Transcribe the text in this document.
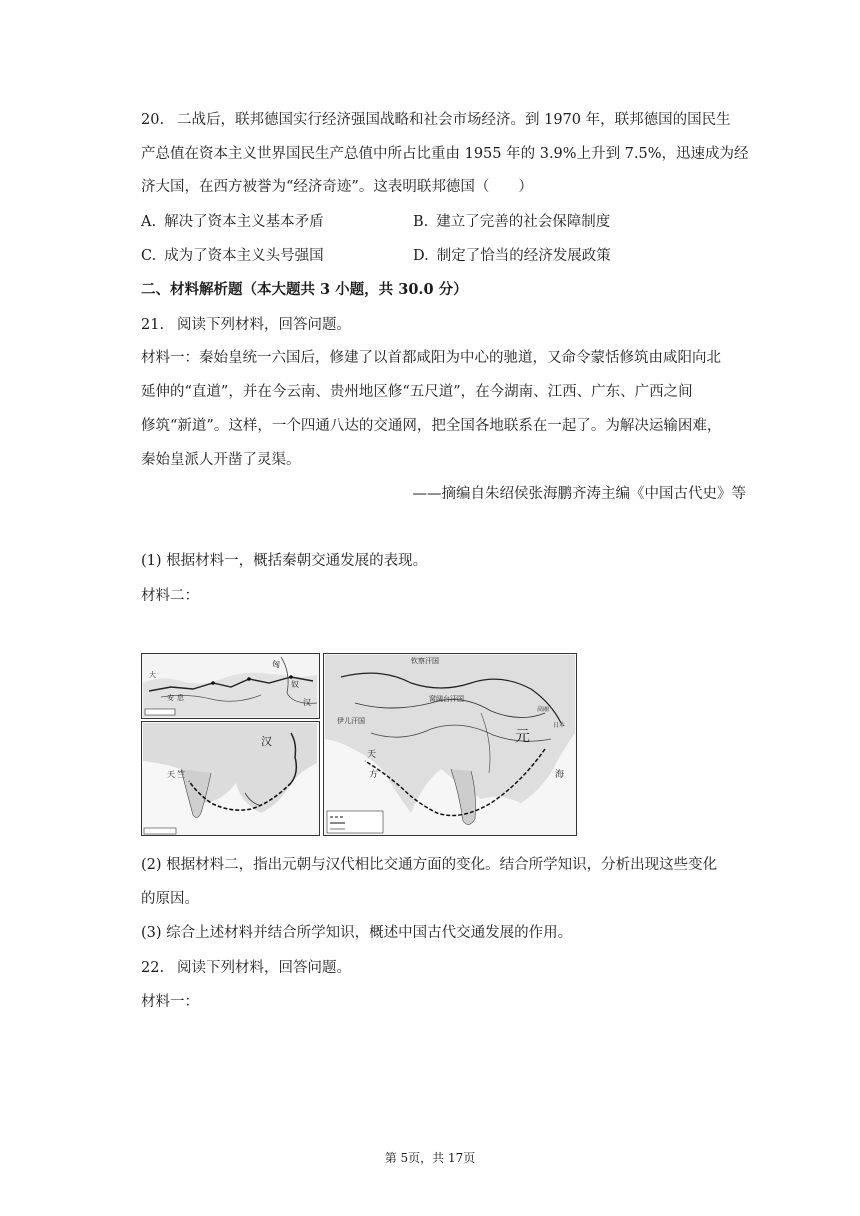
20. 二战后，联邦德国实行经济强国战略和社会市场经济。到 1970 年，联邦德国的国民生
产总值在资本主义世界国民生产总值中所占比重由 1955 年的 3.9%上升到 7.5%，迅速成为经
济大国，在西方被誉为“经济奇迹”。这表明联邦德国（　　）
A. 解决了资本主义基本矛盾	B. 建立了完善的社会保障制度
C. 成为了资本主义头号强国	D. 制定了恰当的经济发展政策
二、材料解析题（本大题共 3 小题，共 30.0 分）
21. 阅读下列材料，回答问题。
材料一：秦始皇统一六国后，修建了以首都咸阳为中心的驰道，又命令蒙恬修筑由咸阳向北
延伸的“直道”，并在今云南、贵州地区修“五尺道”，在今湖南、江西、广东、广西之间
修筑“新道”。这样，一个四通八达的交通网，把全国各地联系在一起了。为解决运输困难，
秦始皇派人开凿了灵渠。
——摘编自朱绍侯张海鹏齐涛主编《中国古代史》等
(1) 根据材料一，概括秦朝交通发展的表现。
材料二：
匈
奴
安 息	汉
大
汉
天 竺
钦察汗国
窝阔台汗国
伊儿汗国
元
天
方	海
高丽
日本
(2) 根据材料二，指出元朝与汉代相比交通方面的变化。结合所学知识，分析出现这些变化
的原因。
(3) 综合上述材料并结合所学知识，概述中国古代交通发展的作用。
22. 阅读下列材料，回答问题。
材料一：
第 5页，共 17页
